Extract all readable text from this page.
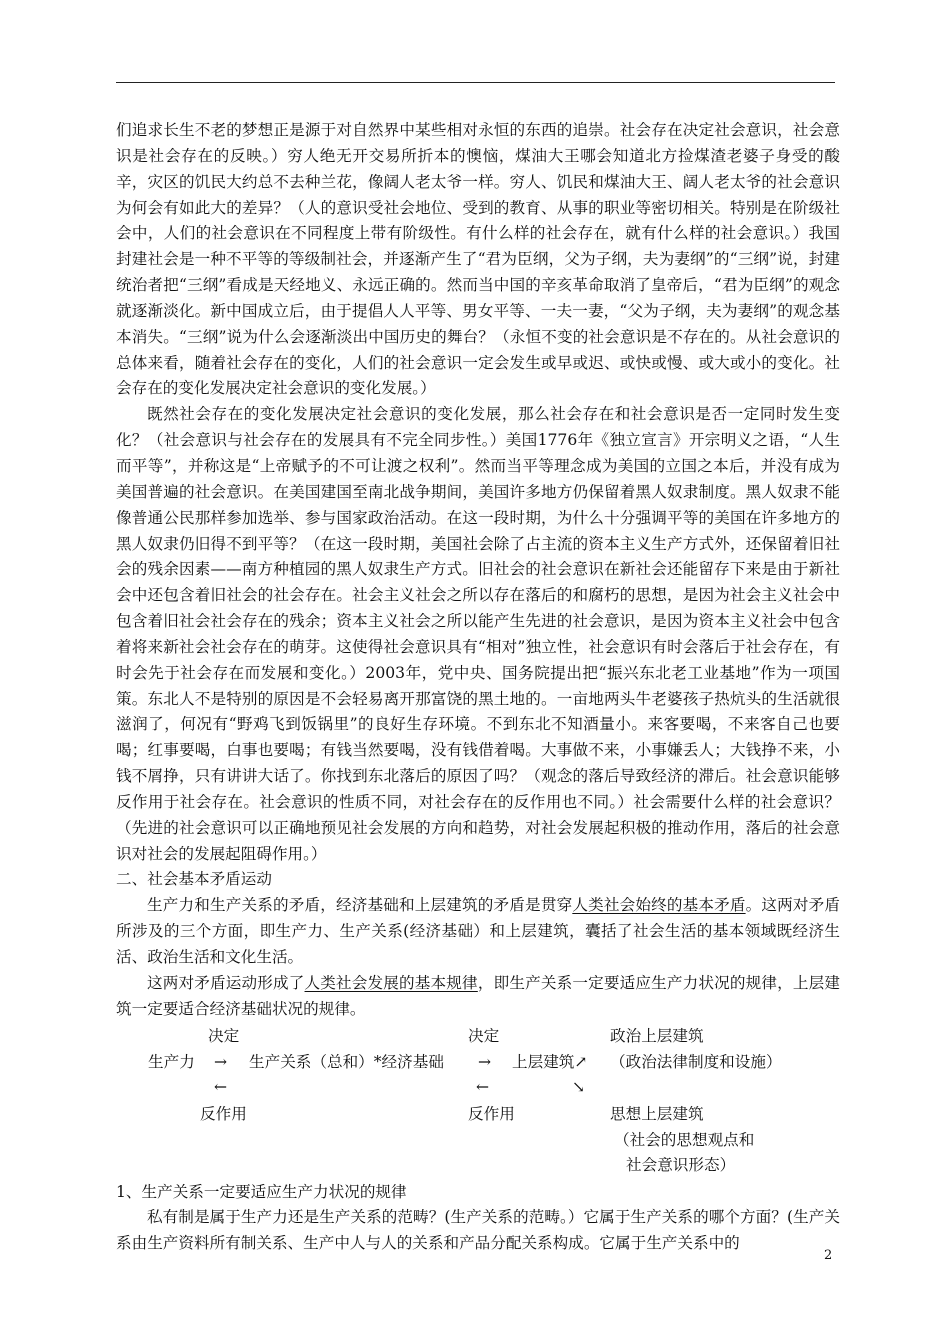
们追求长生不老的梦想正是源于对自然界中某些相对永恒的东西的追崇。社会存在决定社会意识，社会意识是社会存在的反映。）穷人绝无开交易所折本的懊恼，煤油大王哪会知道北方捡煤渣老婆子身受的酸辛，灾区的饥民大约总不去种兰花，像阔人老太爷一样。穷人、饥民和煤油大王、阔人老太爷的社会意识为何会有如此大的差异？（人的意识受社会地位、受到的教育、从事的职业等密切相关。特别是在阶级社会中，人们的社会意识在不同程度上带有阶级性。有什么样的社会存在，就有什么样的社会意识。）我国封建社会是一种不平等的等级制社会，并逐渐产生了“君为臣纲，父为子纲，夫为妻纲”的“三纲”说，封建统治者把“三纲”看成是天经地义、永远正确的。然而当中国的辛亥革命取消了皇帝后，“君为臣纲”的观念就逐渐淡化。新中国成立后，由于提倡人人平等、男女平等、一夫一妻，“父为子纲，夫为妻纲”的观念基本消失。“三纲”说为什么会逐渐淡出中国历史的舞台？（永恒不变的社会意识是不存在的。从社会意识的总体来看，随着社会存在的变化，人们的社会意识一定会发生或早或迟、或快或慢、或大或小的变化。社会存在的变化发展决定社会意识的变化发展。）

既然社会存在的变化发展决定社会意识的变化发展，那么社会存在和社会意识是否一定同时发生变化？（社会意识与社会存在的发展具有不完全同步性。）美国1776年《独立宣言》开宗明义之语，“人生而平等”，并称这是“上帝赋予的不可让渡之权利”。然而当平等理念成为美国的立国之本后，并没有成为美国普遍的社会意识。在美国建国至南北战争期间，美国许多地方仍保留着黑人奴隶制度。黑人奴隶不能像普通公民那样参加选举、参与国家政治活动。在这一段时期，为什么十分强调平等的美国在许多地方的黑人奴隶仍旧得不到平等？（在这一段时期，美国社会除了占主流的资本主义生产方式外，还保留着旧社会的残余因素——南方种植园的黑人奴隶生产方式。旧社会的社会意识在新社会还能留存下来是由于新社会中还包含着旧社会的社会存在。社会主义社会之所以存在落后的和腐朽的思想，是因为社会主义社会中包含着旧社会社会存在的残余；资本主义社会之所以能产生先进的社会意识，是因为资本主义社会中包含着将来新社会社会存在的萌芽。这使得社会意识具有“相对”独立性，社会意识有时会落后于社会存在，有时会先于社会存在而发展和变化。）2003年，党中央、国务院提出把“振兴东北老工业基地”作为一项国策。东北人不是特别的原因是不会轻易离开那富饶的黑土地的。一亩地两头牛老婆孩子热炕头的生活就很滋润了，何况有“野鸡飞到饭锅里”的良好生存环境。不到东北不知酒量小。来客要喝，不来客自己也要喝；红事要喝，白事也要喝；有钱当然要喝，没有钱借着喝。大事做不来，小事嫌丢人；大钱挣不来，小钱不屑挣，只有讲讲大话了。你找到东北落后的原因了吗？（观念的落后导致经济的滞后。社会意识能够反作用于社会存在。社会意识的性质不同，对社会存在的反作用也不同。）社会需要什么样的社会意识？（先进的社会意识可以正确地预见社会发展的方向和趋势，对社会发展起积极的推动作用，落后的社会意识对社会的发展起阻碍作用。）

二、社会基本矛盾运动

生产力和生产关系的矛盾，经济基础和上层建筑的矛盾是贯穿人类社会始终的基本矛盾。这两对矛盾所涉及的三个方面，即生产力、生产关系(经济基础）和上层建筑，囊括了社会生活的基本领域既经济生活、政治生活和文化生活。

这两对矛盾运动形成了人类社会发展的基本规律，即生产关系一定要适应生产力状况的规律，上层建筑一定要适合经济基础状况的规律。

决定	决定	政治上层建筑
生产力 → 生产关系（总和）*经济基础 → 上层建筑↗ （政治法律制度和设施）
←	←	↘
反作用	反作用	思想上层建筑
（社会的思想观点和
社会意识形态）

1、生产关系一定要适应生产力状况的规律

私有制是属于生产力还是生产关系的范畴？(生产关系的范畴。）它属于生产关系的哪个方面？(生产关系由生产资料所有制关系、生产中人与人的关系和产品分配关系构成。它属于生产关系中的

2
